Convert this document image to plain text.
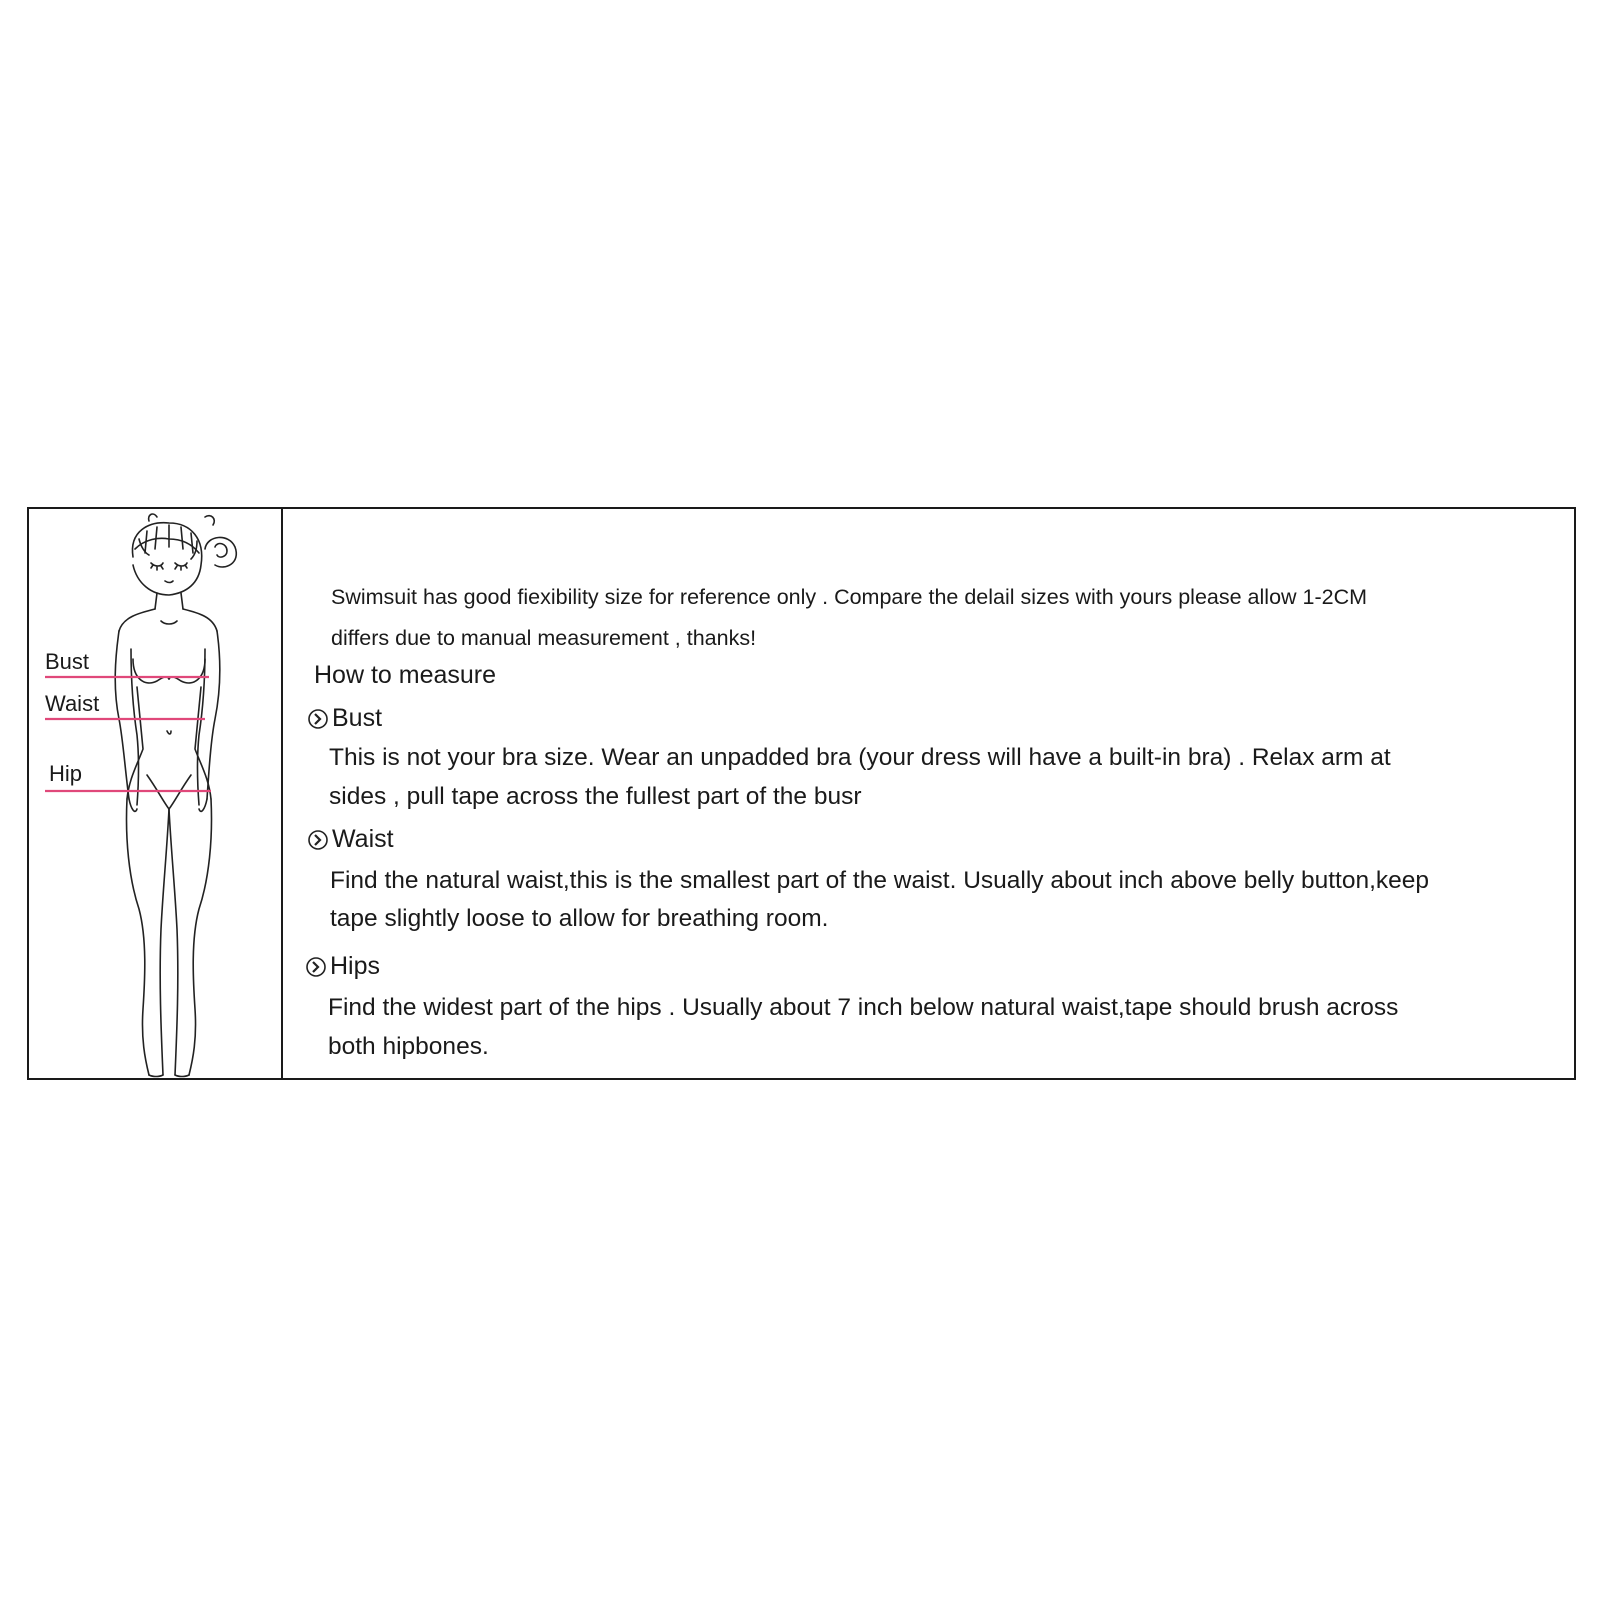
Bust
Waist
Hip
Swimsuit has good fiexibility size for reference only . Compare the delail sizes with yours please allow 1-2CM
differs due to manual measurement , thanks!
How to measure
Bust
This is not your bra size. Wear an unpadded bra (your dress will have a built-in bra) . Relax arm at
sides , pull tape across the fullest part of the busr
Waist
Find the natural waist,this is the smallest part of the waist. Usually about inch above belly button,keep
tape slightly loose to allow for breathing room.
Hips
Find the widest part of the hips . Usually about 7 inch below natural waist,tape should brush across
both hipbones.
